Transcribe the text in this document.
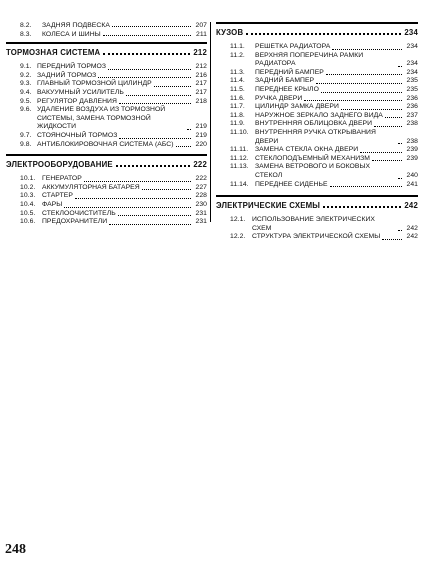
8.2.	ЗАДНЯЯ ПОДВЕСКА	207
8.3.	КОЛЕСА И ШИНЫ	211
ТОРМОЗНАЯ СИСТЕМА	212
9.1. ПЕРЕДНИЙ ТОРМОЗ	212
9.2. ЗАДНИЙ ТОРМОЗ	216
9.3. ГЛАВНЫЙ ТОРМОЗНОЙ ЦИЛИНДР	217
9.4. ВАКУУМНЫЙ УСИЛИТЕЛЬ	217
9.5. РЕГУЛЯТОР ДАВЛЕНИЯ	218
9.6. УДАЛЕНИЕ ВОЗДУХА ИЗ ТОРМОЗНОЙ СИСТЕМЫ, ЗАМЕНА ТОРМОЗНОЙ ЖИДКОСТИ	219
9.7. СТОЯНОЧНЫЙ ТОРМОЗ	219
9.8. АНТИБЛОКИРОВОЧНАЯ СИСТЕМА (АБС)	220
ЭЛЕКТРООБОРУДОВАНИЕ	222
10.1. ГЕНЕРАТОР	222
10.2. АККУМУЛЯТОРНАЯ БАТАРЕЯ	227
10.3. СТАРТЕР	228
10.4. ФАРЫ	230
10.5. СТЕКЛООЧИСТИТЕЛЬ	231
10.6. ПРЕДОХРАНИТЕЛИ	231
КУЗОВ	234
11.1.	РЕШЕТКА РАДИАТОРА	234
11.2.	ВЕРХНЯЯ ПОПЕРЕЧИНА РАМКИ РАДИАТОРА	234
11.3.	ПЕРЕДНИЙ БАМПЕР	234
11.4.	ЗАДНИЙ БАМПЕР	235
11.5.	ПЕРЕДНЕЕ КРЫЛО	235
11.6.	РУЧКА ДВЕРИ	236
11.7.	ЦИЛИНДР ЗАМКА ДВЕРИ	236
11.8.	НАРУЖНОЕ ЗЕРКАЛО ЗАДНЕГО ВИДА	237
11.9.	ВНУТРЕННЯЯ ОБЛИЦОВКА ДВЕРИ	238
11.10. ВНУТРЕННЯЯ РУЧКА ОТКРЫВАНИЯ ДВЕРИ	238
11.11. ЗАМЕНА СТЕКЛА ОКНА ДВЕРИ	239
11.12. СТЕКЛОПОДЪЕМНЫЙ МЕХАНИЗМ	239
11.13. ЗАМЕНА ВЕТРОВОГО И БОКОВЫХ СТЕКОЛ	240
11.14. ПЕРЕДНЕЕ СИДЕНЬЕ	241
ЭЛЕКТРИЧЕСКИЕ СХЕМЫ	242
12.1. ИСПОЛЬЗОВАНИЕ ЭЛЕКТРИЧЕСКИХ СХЕМ	242
12.2. СТРУКТУРА ЭЛЕКТРИЧЕСКОЙ СХЕМЫ	242
248
